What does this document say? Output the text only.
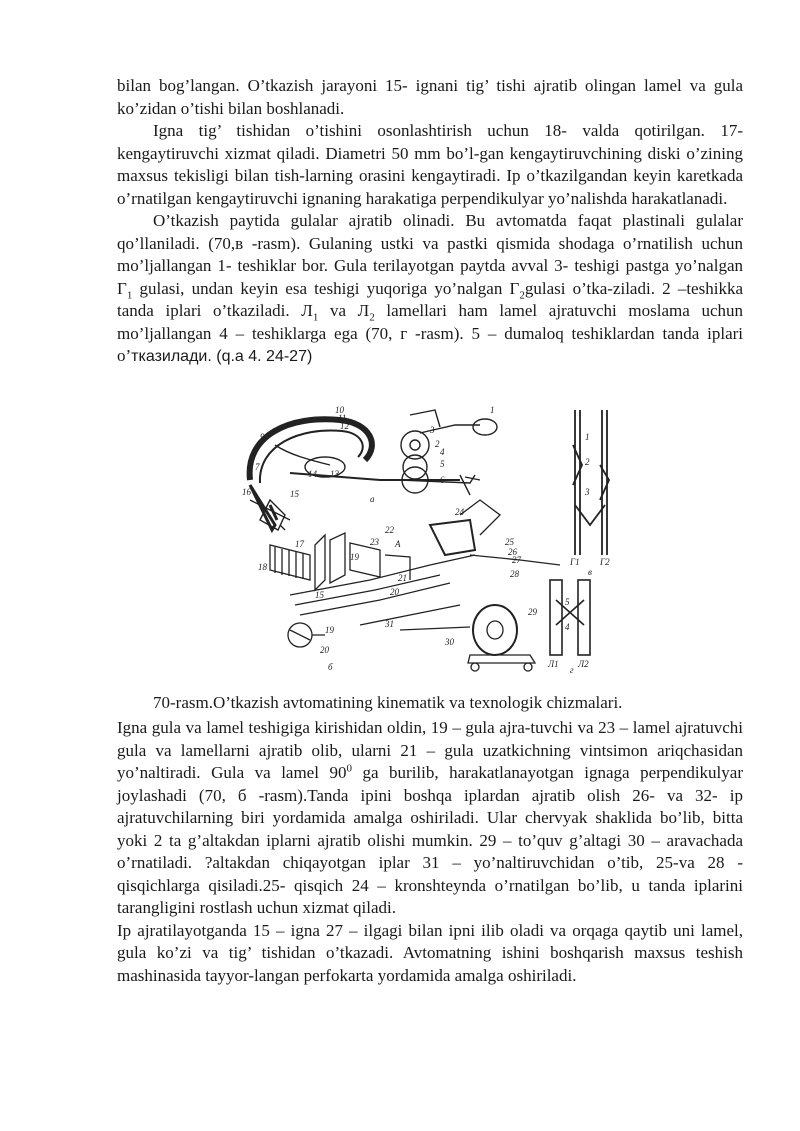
bilan bog’langan. O’tkazish jarayoni 15- ignani tig’ tishi ajratib olingan lamel va gula ko’zidan o’tishi bilan boshlanadi.

Igna tig’ tishidan o’tishini osonlashtirish uchun 18- valda qotirilgan. 17- kengaytiruvchi xizmat qiladi. Diametri 50 mm bo’l-gan kengaytiruvchining diski o’zining maxsus tekisligi bilan tish-larning orasini kengaytiradi. Ip o’tkazilgandan keyin karetkada o’rnatilgan kengaytiruvchi ignaning harakatiga perpendikulyar yo’nalishda harakatlanadi.

O’tkazish paytida gulalar ajratib olinadi. Bu avtomatda faqat plastinali gulalar qo’llaniladi. (70,в -rasm). Gulaning ustki va pastki qismida shodaga o’rnatilish uchun mo’ljallangan 1- teshiklar bor. Gula terilayotgan paytda avval 3- teshigi pastga yo’nalgan $Г_1$ gulasi, undan keyin esa teshigi yuqoriga yo’nalgan $Г_2gulasi$ o’tka-ziladi. 2 –teshikka tanda iplari o’tkaziladi. $Л_1$ va $Л_2$ lamellari ham lamel ajratuvchi moslama uchun mo’ljallangan 4 – teshiklarga ega (70, г -rasm). 5 – dumaloq teshiklardan tanda iplari o’тказилади. (q.a 4. 24-27)

10
11
12
9
8
7
16	15
14 13
1
3
2
4
5
6
a
24
22
23 A	25
26
27
18
17
19
15
21
20
28
29
31
30
19
20
б
1
2
3
Г1 Г2
в
5
4
Л1 Л2
г

70-rasm.O’tkazish avtomatining kinematik va texnologik chizmalari.

Igna gula va lamel teshigiga kirishidan oldin, 19 – gula ajra-tuvchi va 23 – lamel ajratuvchi gula va lamellarni ajratib olib, ularni 21 – gula uzatkichning vintsimon ariqchasidan yo’naltiradi. Gula va lamel $90^0$ ga burilib, harakatlanayotgan ignaga perpendikulyar joylashadi (70, б -rasm).Tanda ipini boshqa iplardan ajratib olish 26- va 32- ip ajratuvchilarning biri yordamida amalga oshiriladi. Ular chervyak shaklida bo’lib, bitta yoki 2 ta g’altakdan iplarni ajratib olishi mumkin. 29 – to’quv g’altagi 30 – aravachada o’rnatiladi. ?altakdan chiqayotgan iplar 31 – yo’naltiruvchidan o’tib, 25-va 28 - qisqichlarga qisiladi.25- qisqich 24 – kronshteynda o’rnatilgan bo’lib, u tanda iplarini tarangligini rostlash uchun xizmat qiladi.

Ip ajratilayotganda 15 – igna 27 – ilgagi bilan ipni ilib oladi va orqaga qaytib uni lamel, gula ko’zi va tig’ tishidan o’tkazadi. Avtomatning ishini boshqarish maxsus teshish mashinasida tayyor-langan perfokarta yordamida amalga oshiriladi.
